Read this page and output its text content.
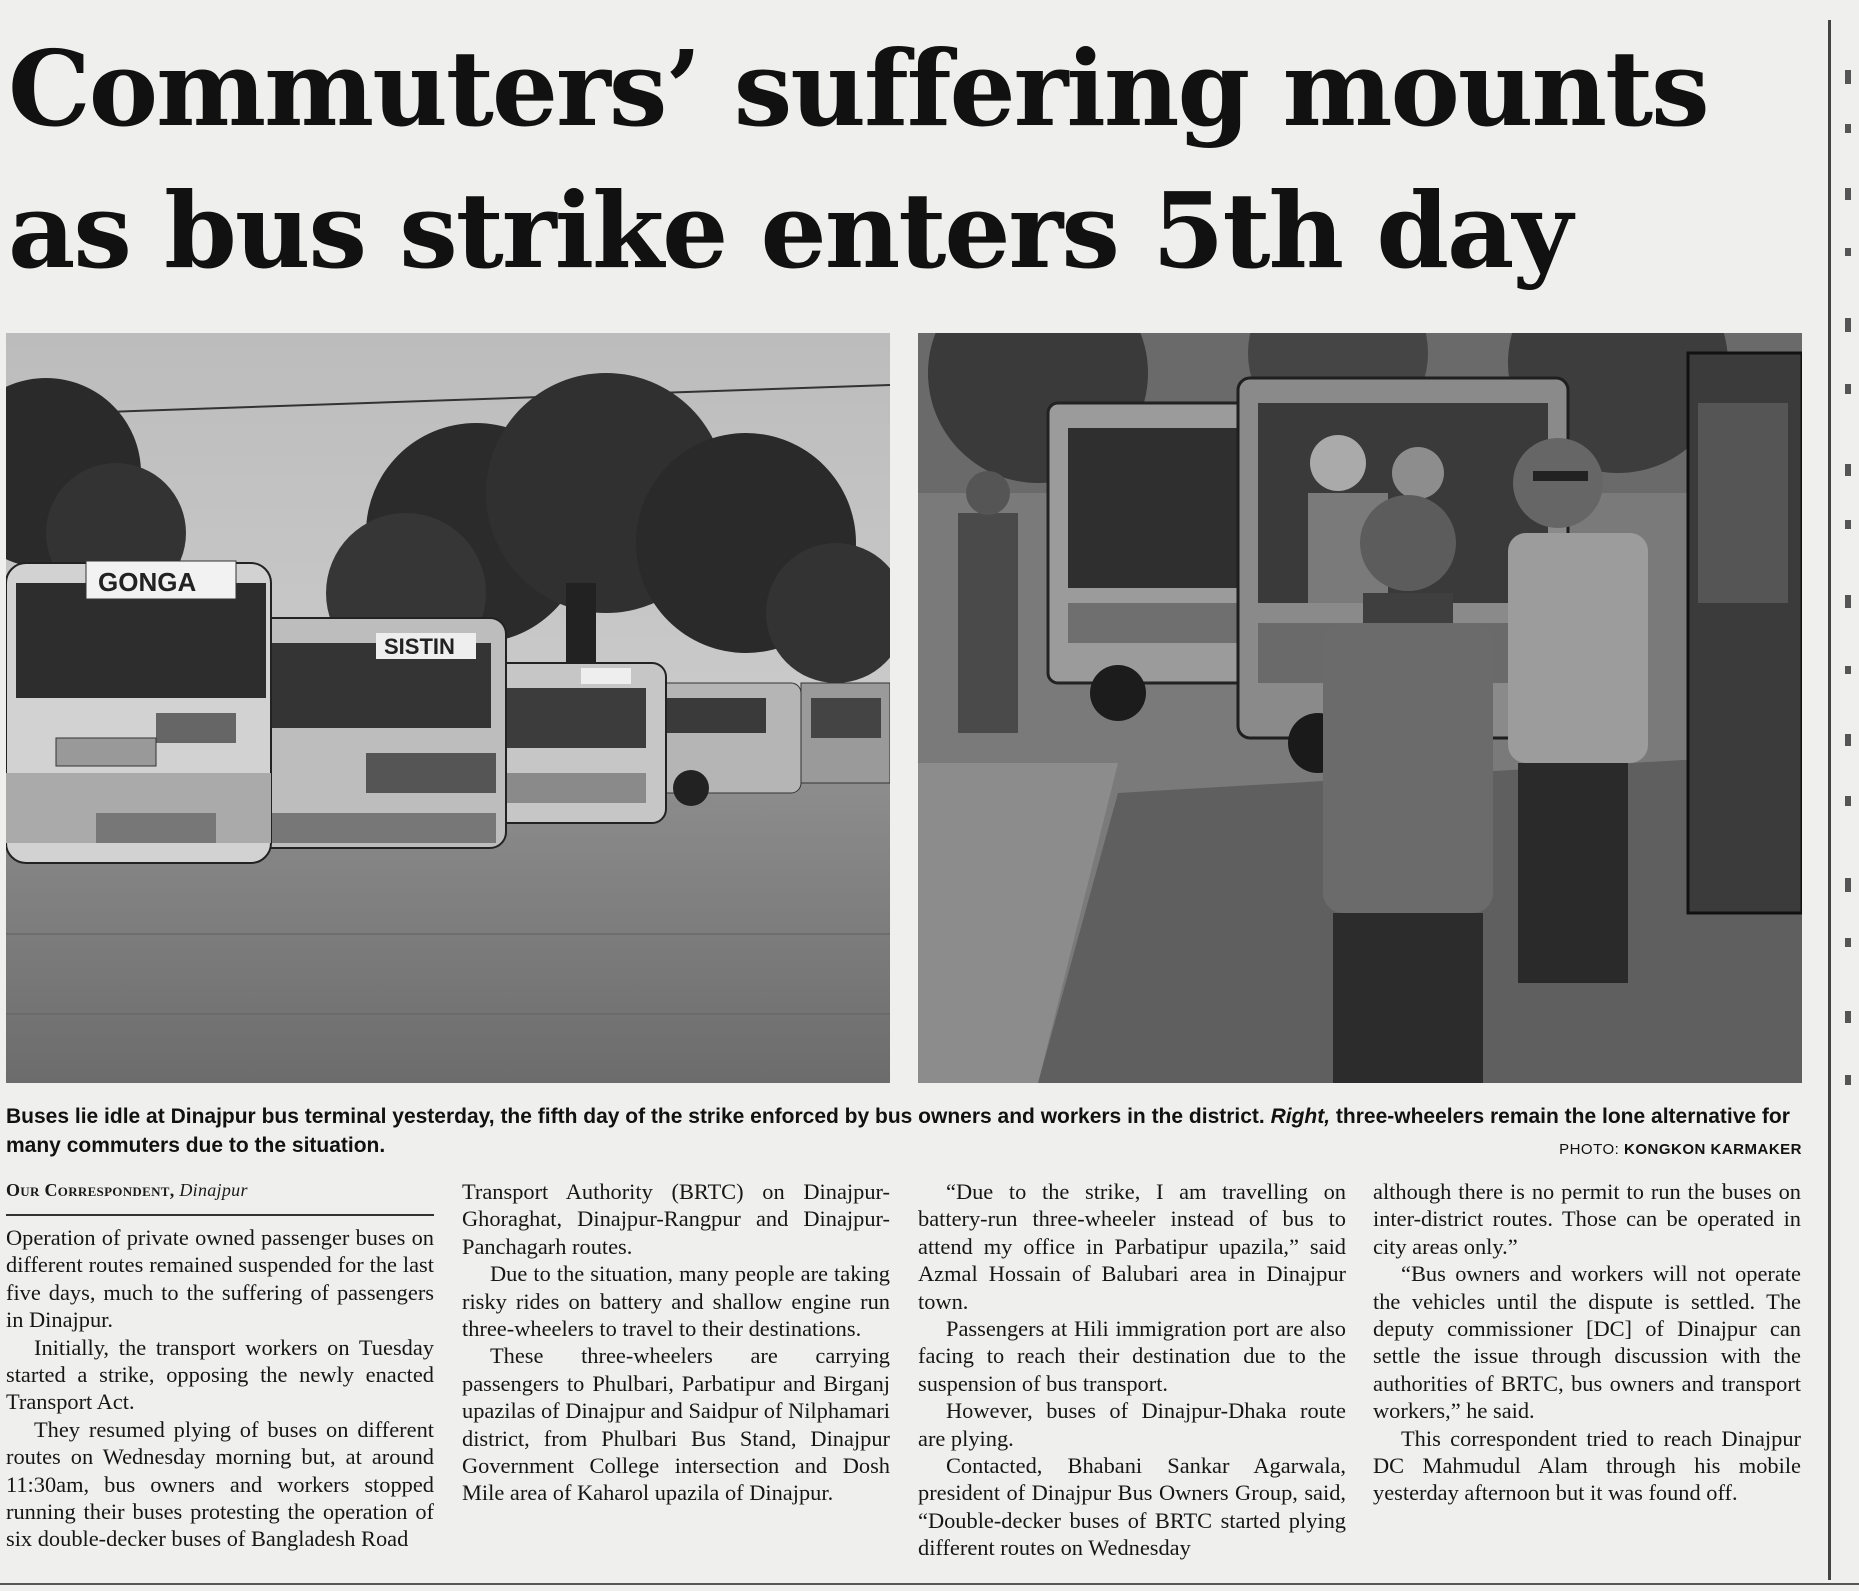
Commuters’ suffering mounts
as bus strike enters 5th day
SISTIN
GONGA
Buses lie idle at Dinajpur bus terminal yesterday, the fifth day of the strike enforced by bus owners and workers in the district. Right, three-wheelers remain the lone alternative for many commuters due to the situation.	PHOTO: KONGKON KARMAKER
Our Correspondent, Dinajpur

Operation of private owned passenger buses on different routes remained suspended for the last five days, much to the suffering of passengers in Dinajpur.

Initially, the transport workers on Tuesday started a strike, opposing the newly enacted Transport Act.

They resumed plying of buses on different routes on Wednesday morning but, at around 11:30am, bus owners and workers stopped running their buses protesting the operation of six double-decker buses of Bangladesh Road

Transport Authority (BRTC) on Dinajpur-Ghoraghat, Dinajpur-Rangpur and Dinajpur-Panchagarh routes.

Due to the situation, many people are taking risky rides on battery and shallow engine run three-wheelers to travel to their destinations.

These three-wheelers are carrying passengers to Phulbari, Parbatipur and Birganj upazilas of Dinajpur and Saidpur of Nilphamari district, from Phulbari Bus Stand, Dinajpur Government College intersection and Dosh Mile area of Kaharol upazila of Dinajpur.

“Due to the strike, I am travelling on battery-run three-wheeler instead of bus to attend my office in Parbatipur upazila,” said Azmal Hossain of Balubari area in Dinajpur town.

Passengers at Hili immigration port are also facing to reach their destination due to the suspension of bus transport.

However, buses of Dinajpur-Dhaka route are plying.

Contacted, Bhabani Sankar Agarwala, president of Dinajpur Bus Owners Group, said, “Double-decker buses of BRTC started plying different routes on Wednesday

although there is no permit to run the buses on inter-district routes. Those can be operated in city areas only.”

“Bus owners and workers will not operate the vehicles until the dispute is settled. The deputy commissioner [DC] of Dinajpur can settle the issue through discussion with the authorities of BRTC, bus owners and transport workers,” he said.

This correspondent tried to reach Dinajpur DC Mahmudul Alam through his mobile yesterday afternoon but it was found off.
